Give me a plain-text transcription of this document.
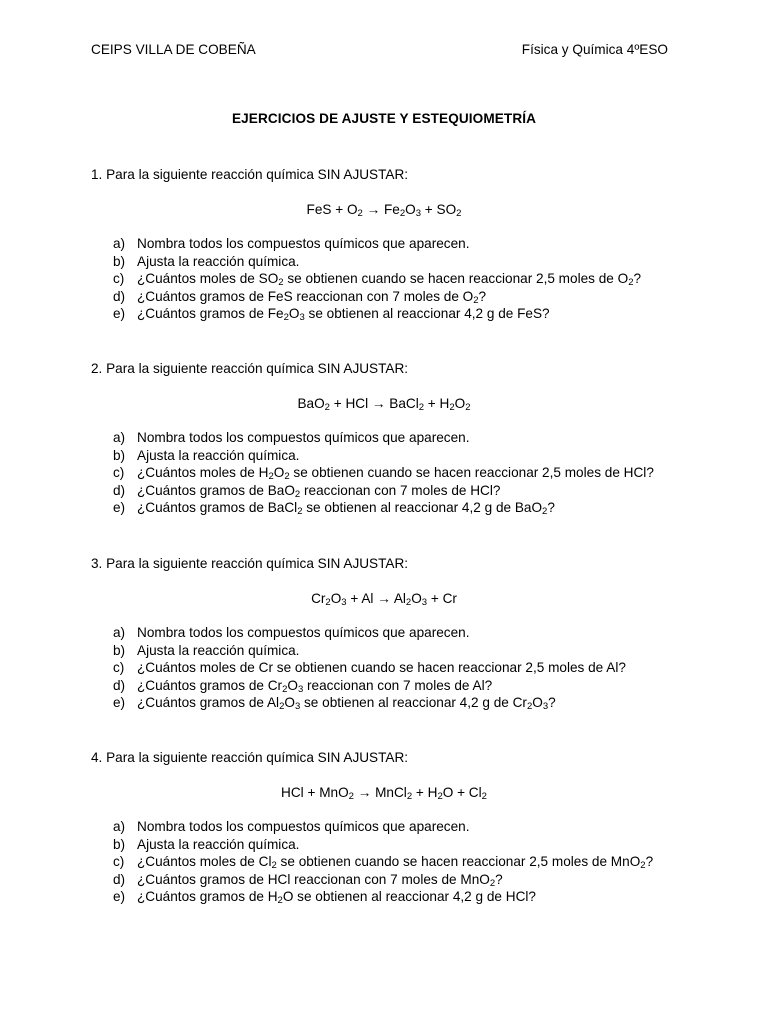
CEIPS VILLA DE COBEÑA	Física y Química 4ºESO
EJERCICIOS DE AJUSTE Y ESTEQUIOMETRÍA
1. Para la siguiente reacción química SIN AJUSTAR:
FeS + $O_2 \to Fe_2O_3 + SO_2$
a) Nombra todos los compuestos químicos que aparecen.
b) Ajusta la reacción química.
c) ¿Cuántos moles de $SO_2$ se obtienen cuando se hacen reaccionar 2,5 moles de $O_2$?
d) ¿Cuántos gramos de FeS reaccionan con 7 moles de $O_2$?
e) ¿Cuántos gramos de $Fe_2O_3$ se obtienen al reaccionar 4,2 g de FeS?
2. Para la siguiente reacción química SIN AJUSTAR:
BaO$_2$ + HCl → BaCl$_2$ + $H_2O_2$
a) Nombra todos los compuestos químicos que aparecen.
b) Ajusta la reacción química.
c) ¿Cuántos moles de $H_2O_2$ se obtienen cuando se hacen reaccionar 2,5 moles de HCl?
d) ¿Cuántos gramos de BaO$_2$ reaccionan con 7 moles de HCl?
e) ¿Cuántos gramos de BaCl$_2$ se obtienen al reaccionar 4,2 g de BaO$_2$?
3. Para la siguiente reacción química SIN AJUSTAR:
$Cr_2O_3 + Al \to Al_2O_3 + Cr$
a) Nombra todos los compuestos químicos que aparecen.
b) Ajusta la reacción química.
c) ¿Cuántos moles de Cr se obtienen cuando se hacen reaccionar 2,5 moles de Al?
d) ¿Cuántos gramos de $Cr_2O_3$ reaccionan con 7 moles de Al?
e) ¿Cuántos gramos de $Al_2O_3$ se obtienen al reaccionar 4,2 g de $Cr_2O_3$?
4. Para la siguiente reacción química SIN AJUSTAR:
HCl + MnO$_2$ → MnCl$_2$ + $H_2O + Cl_2$
a) Nombra todos los compuestos químicos que aparecen.
b) Ajusta la reacción química.
c) ¿Cuántos moles de $Cl_2$ se obtienen cuando se hacen reaccionar 2,5 moles de MnO$_2$?
d) ¿Cuántos gramos de HCl reaccionan con 7 moles de MnO$_2$?
e) ¿Cuántos gramos de $H_2O$ se obtienen al reaccionar 4,2 g de HCl?
